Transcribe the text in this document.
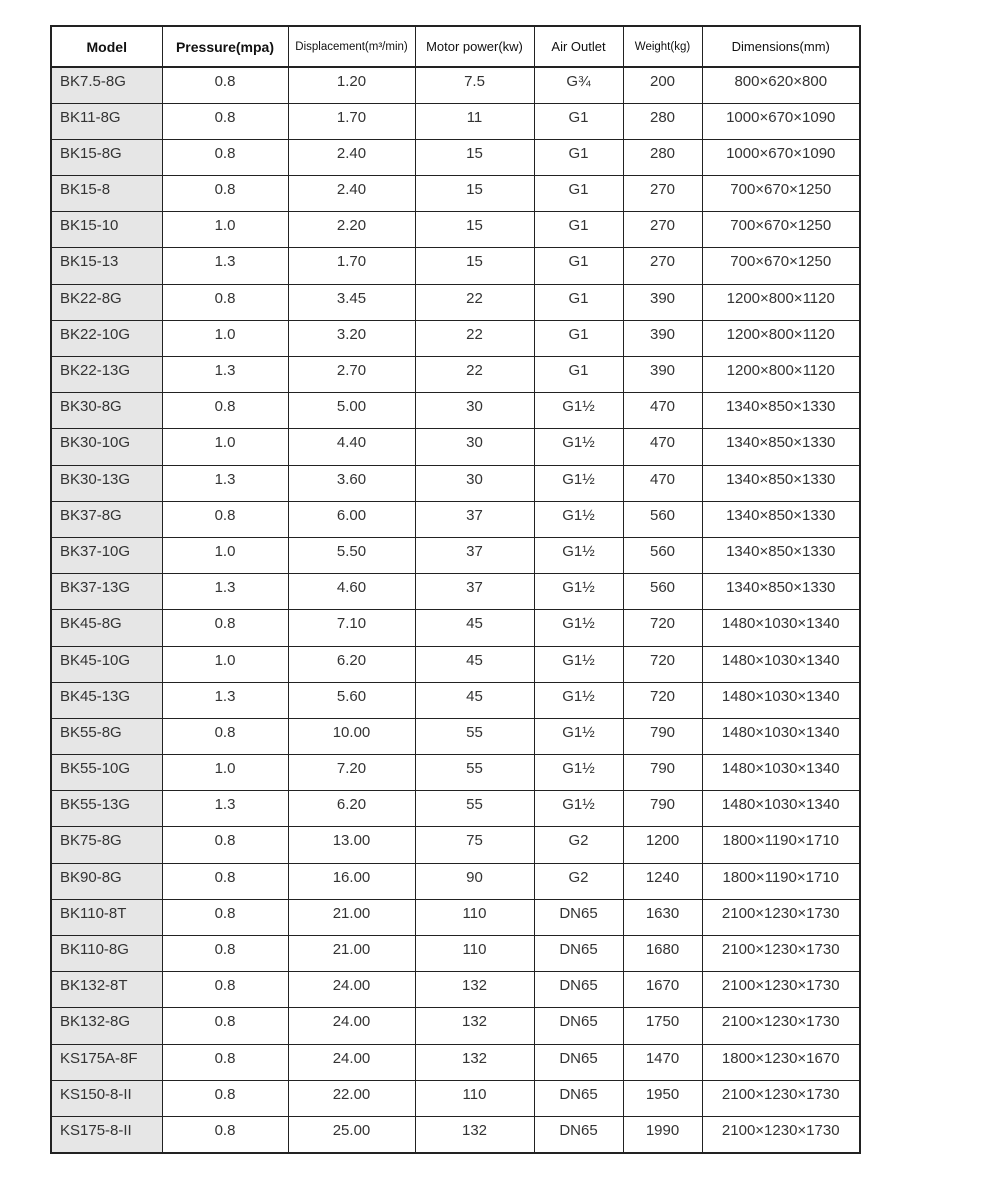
Model	Pressure(mpa)	Displacement(m³/min)	Motor power(kw)	Air Outlet	Weight(kg)	Dimensions(mm)
BK7.5-8G	0.8	1.20	7.5	G¾	200	800×620×800
BK11-8G	0.8	1.70	11	G1	280	1000×670×1090
BK15-8G	0.8	2.40	15	G1	280	1000×670×1090
BK15-8	0.8	2.40	15	G1	270	700×670×1250
BK15-10	1.0	2.20	15	G1	270	700×670×1250
BK15-13	1.3	1.70	15	G1	270	700×670×1250
BK22-8G	0.8	3.45	22	G1	390	1200×800×1120
BK22-10G	1.0	3.20	22	G1	390	1200×800×1120
BK22-13G	1.3	2.70	22	G1	390	1200×800×1120
BK30-8G	0.8	5.00	30	G1½	470	1340×850×1330
BK30-10G	1.0	4.40	30	G1½	470	1340×850×1330
BK30-13G	1.3	3.60	30	G1½	470	1340×850×1330
BK37-8G	0.8	6.00	37	G1½	560	1340×850×1330
BK37-10G	1.0	5.50	37	G1½	560	1340×850×1330
BK37-13G	1.3	4.60	37	G1½	560	1340×850×1330
BK45-8G	0.8	7.10	45	G1½	720	1480×1030×1340
BK45-10G	1.0	6.20	45	G1½	720	1480×1030×1340
BK45-13G	1.3	5.60	45	G1½	720	1480×1030×1340
BK55-8G	0.8	10.00	55	G1½	790	1480×1030×1340
BK55-10G	1.0	7.20	55	G1½	790	1480×1030×1340
BK55-13G	1.3	6.20	55	G1½	790	1480×1030×1340
BK75-8G	0.8	13.00	75	G2	1200	1800×1190×1710
BK90-8G	0.8	16.00	90	G2	1240	1800×1190×1710
BK110-8T	0.8	21.00	110	DN65	1630	2100×1230×1730
BK110-8G	0.8	21.00	110	DN65	1680	2100×1230×1730
BK132-8T	0.8	24.00	132	DN65	1670	2100×1230×1730
BK132-8G	0.8	24.00	132	DN65	1750	2100×1230×1730
KS175A-8F	0.8	24.00	132	DN65	1470	1800×1230×1670
KS150-8-II	0.8	22.00	110	DN65	1950	2100×1230×1730
KS175-8-II	0.8	25.00	132	DN65	1990	2100×1230×1730
